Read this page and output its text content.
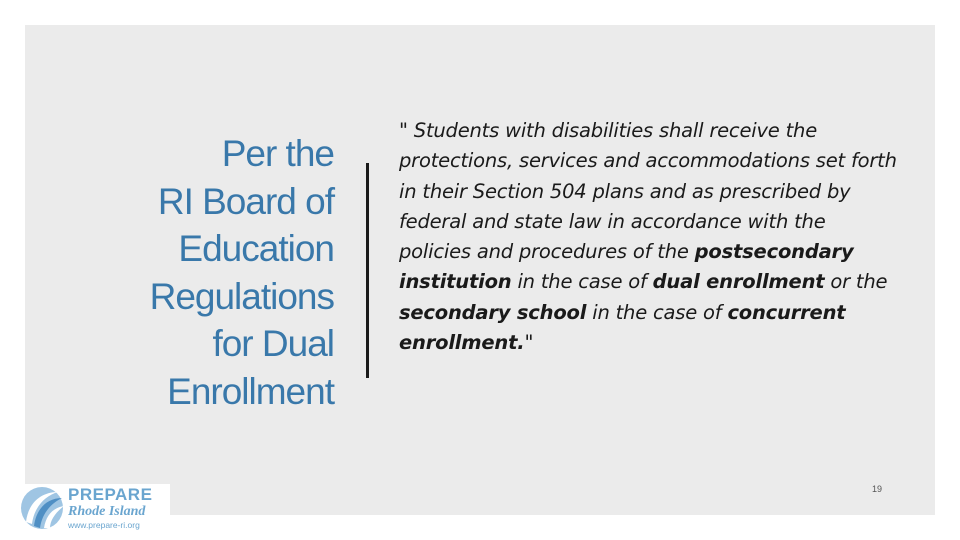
Per the
RI Board of
Education
Regulations
for Dual
Enrollment
" Students with disabilities shall receive the protections, services and accommodations set forth in their Section 504 plans and as prescribed by federal and state law in accordance with the policies and procedures of the postsecondary institution in the case of dual enrollment or the secondary school in the case of concurrent enrollment."
19
PREPARE
Rhode Island
www.prepare-ri.org
